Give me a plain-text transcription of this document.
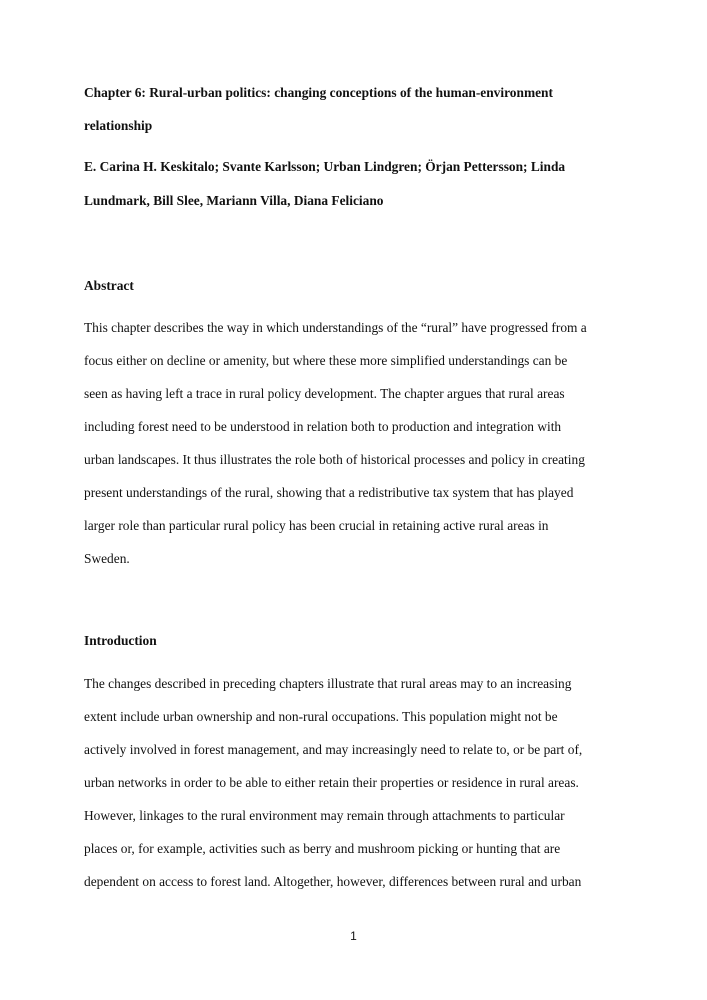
Chapter 6: Rural-urban politics: changing conceptions of the human-environment

relationship

E. Carina H. Keskitalo; Svante Karlsson; Urban Lindgren; Örjan Pettersson; Linda

Lundmark, Bill Slee, Mariann Villa, Diana Feliciano

Abstract

This chapter describes the way in which understandings of the “rural” have progressed from a

focus either on decline or amenity, but where these more simplified understandings can be

seen as having left a trace in rural policy development. The chapter argues that rural areas

including forest need to be understood in relation both to production and integration with

urban landscapes. It thus illustrates the role both of historical processes and policy in creating

present understandings of the rural, showing that a redistributive tax system that has played

larger role than particular rural policy has been crucial in retaining active rural areas in

Sweden.

Introduction

The changes described in preceding chapters illustrate that rural areas may to an increasing

extent include urban ownership and non-rural occupations. This population might not be

actively involved in forest management, and may increasingly need to relate to, or be part of,

urban networks in order to be able to either retain their properties or residence in rural areas.

However, linkages to the rural environment may remain through attachments to particular

places or, for example, activities such as berry and mushroom picking or hunting that are

dependent on access to forest land. Altogether, however, differences between rural and urban

1
